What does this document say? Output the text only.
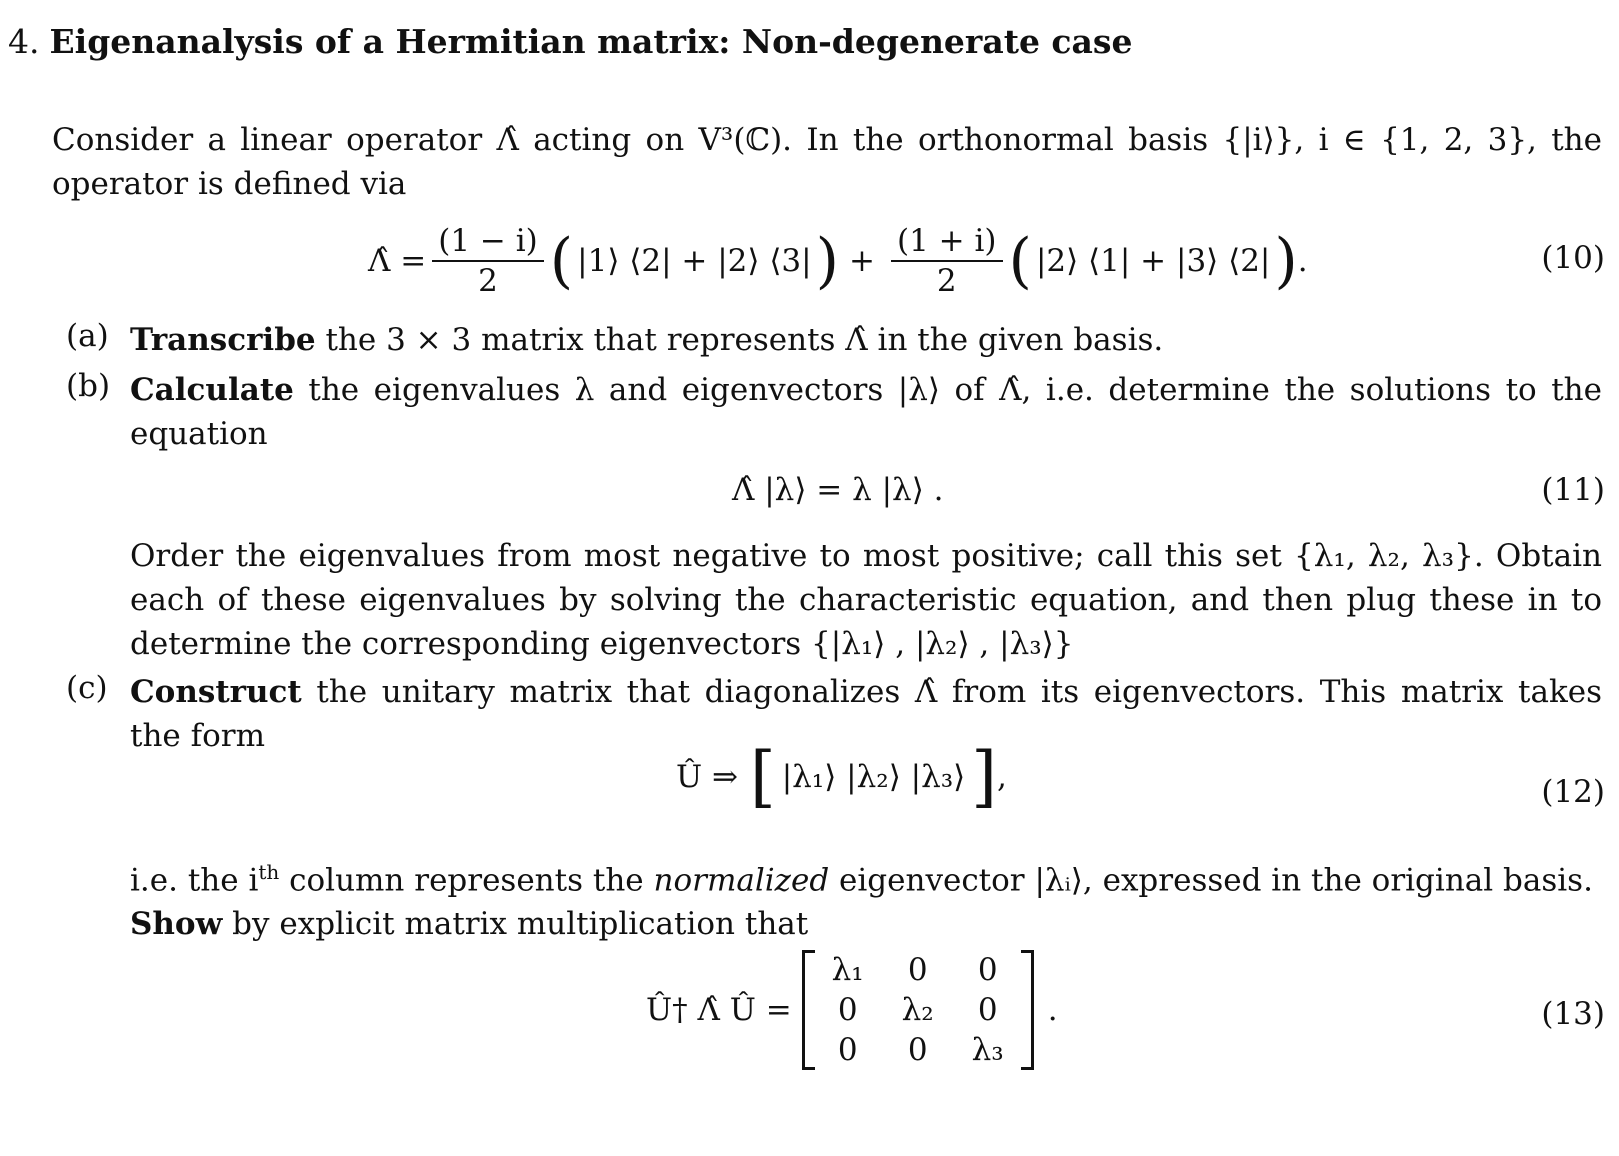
4. Eigenanalysis of a Hermitian matrix: Non-degenerate case
Consider a linear operator Λ̂ acting on V³(ℂ). In the orthonormal basis {|i⟩}, i ∈ {1, 2, 3}, the
operator is defined via
Λ̂ = $\frac{(1 - i)}{2}$ ( |1⟩ ⟨2| + |2⟩ ⟨3| ) + $\frac{(1 + i)}{2}$ ( |2⟩ ⟨1| + |3⟩ ⟨2| ) .	(10)
(a) Transcribe the 3 × 3 matrix that represents Λ̂ in the given basis.
(b) Calculate the eigenvalues λ and eigenvectors |λ⟩ of Λ̂, i.e. determine the solutions to the equation
Λ̂ |λ⟩ = λ |λ⟩ .	(11)
Order the eigenvalues from most negative to most positive; call this set {λ₁, λ₂, λ₃}. Obtain each of these eigenvalues by solving the characteristic equation, and then plug these in to determine the corresponding eigenvectors {|λ₁⟩ , |λ₂⟩ , |λ₃⟩}
(c) Construct the unitary matrix that diagonalizes Λ̂ from its eigenvectors. This matrix takes the form
Û ⇒ [ |λ₁⟩ |λ₂⟩ |λ₃⟩ ] ,	(12)
i.e. the $i^{th}$ column represents the normalized eigenvector |λᵢ⟩, expressed in the original basis.
Show by explicit matrix multiplication that
Û† Λ̂ Û =
λ₁	0	0
0	λ₂	0
0	0	λ₃
.	(13)
